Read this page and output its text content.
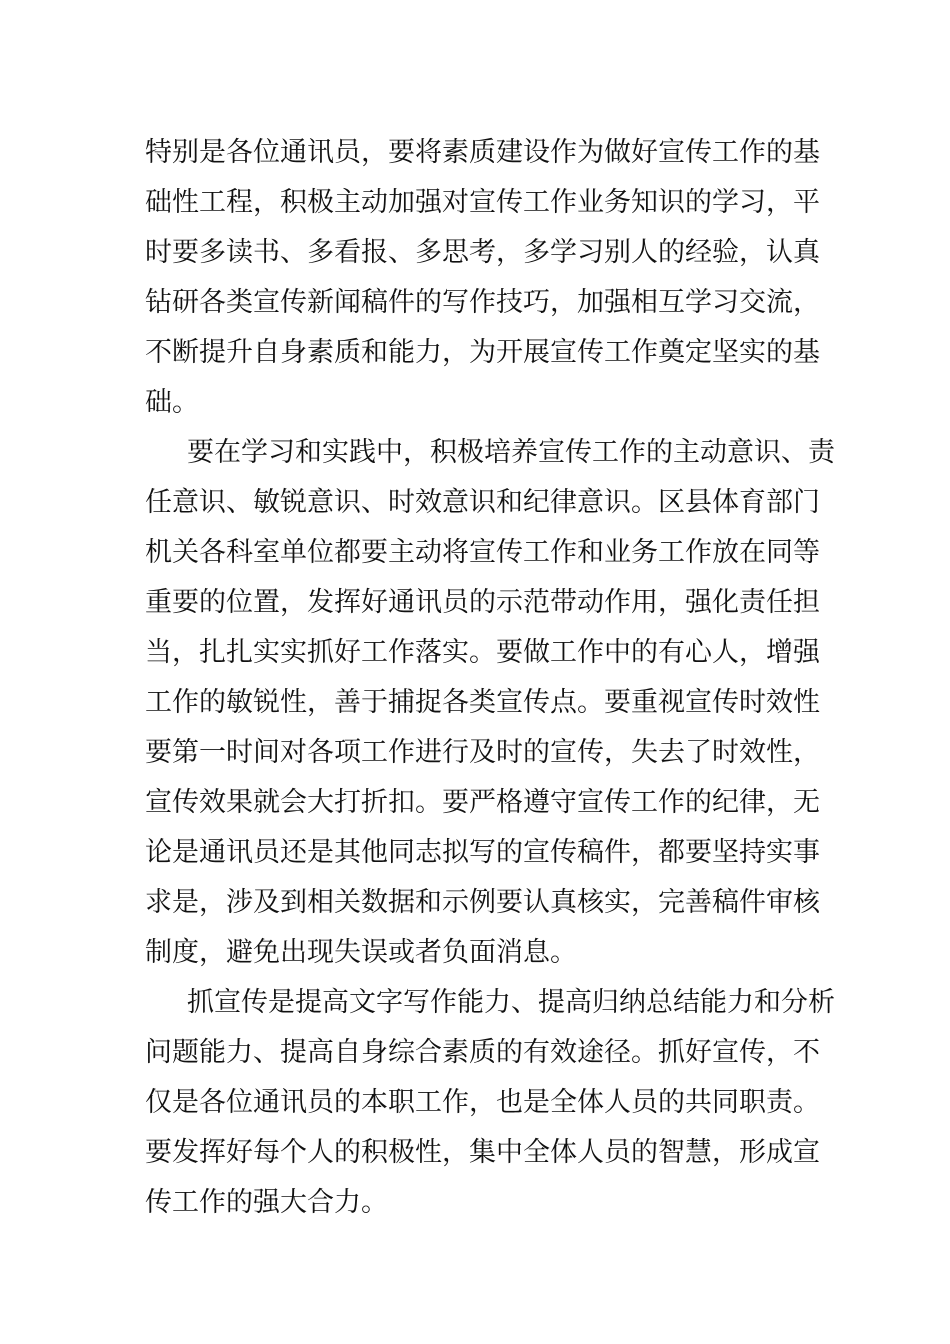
特别是各位通讯员，要将素质建设作为做好宣传工作的基
础性工程，积极主动加强对宣传工作业务知识的学习，平
时要多读书、多看报、多思考，多学习别人的经验，认真
钻研各类宣传新闻稿件的写作技巧，加强相互学习交流，
不断提升自身素质和能力，为开展宣传工作奠定坚实的基
础。
要在学习和实践中，积极培养宣传工作的主动意识、责
任意识、敏锐意识、时效意识和纪律意识。区县体育部门
机关各科室单位都要主动将宣传工作和业务工作放在同等
重要的位置，发挥好通讯员的示范带动作用，强化责任担
当，扎扎实实抓好工作落实。要做工作中的有心人，增强
工作的敏锐性，善于捕捉各类宣传点。要重视宣传时效性
要第一时间对各项工作进行及时的宣传，失去了时效性，
宣传效果就会大打折扣。要严格遵守宣传工作的纪律，无
论是通讯员还是其他同志拟写的宣传稿件，都要坚持实事
求是，涉及到相关数据和示例要认真核实，完善稿件审核
制度，避免出现失误或者负面消息。
抓宣传是提高文字写作能力、提高归纳总结能力和分析
问题能力、提高自身综合素质的有效途径。抓好宣传，不
仅是各位通讯员的本职工作，也是全体人员的共同职责。
要发挥好每个人的积极性，集中全体人员的智慧，形成宣
传工作的强大合力。
